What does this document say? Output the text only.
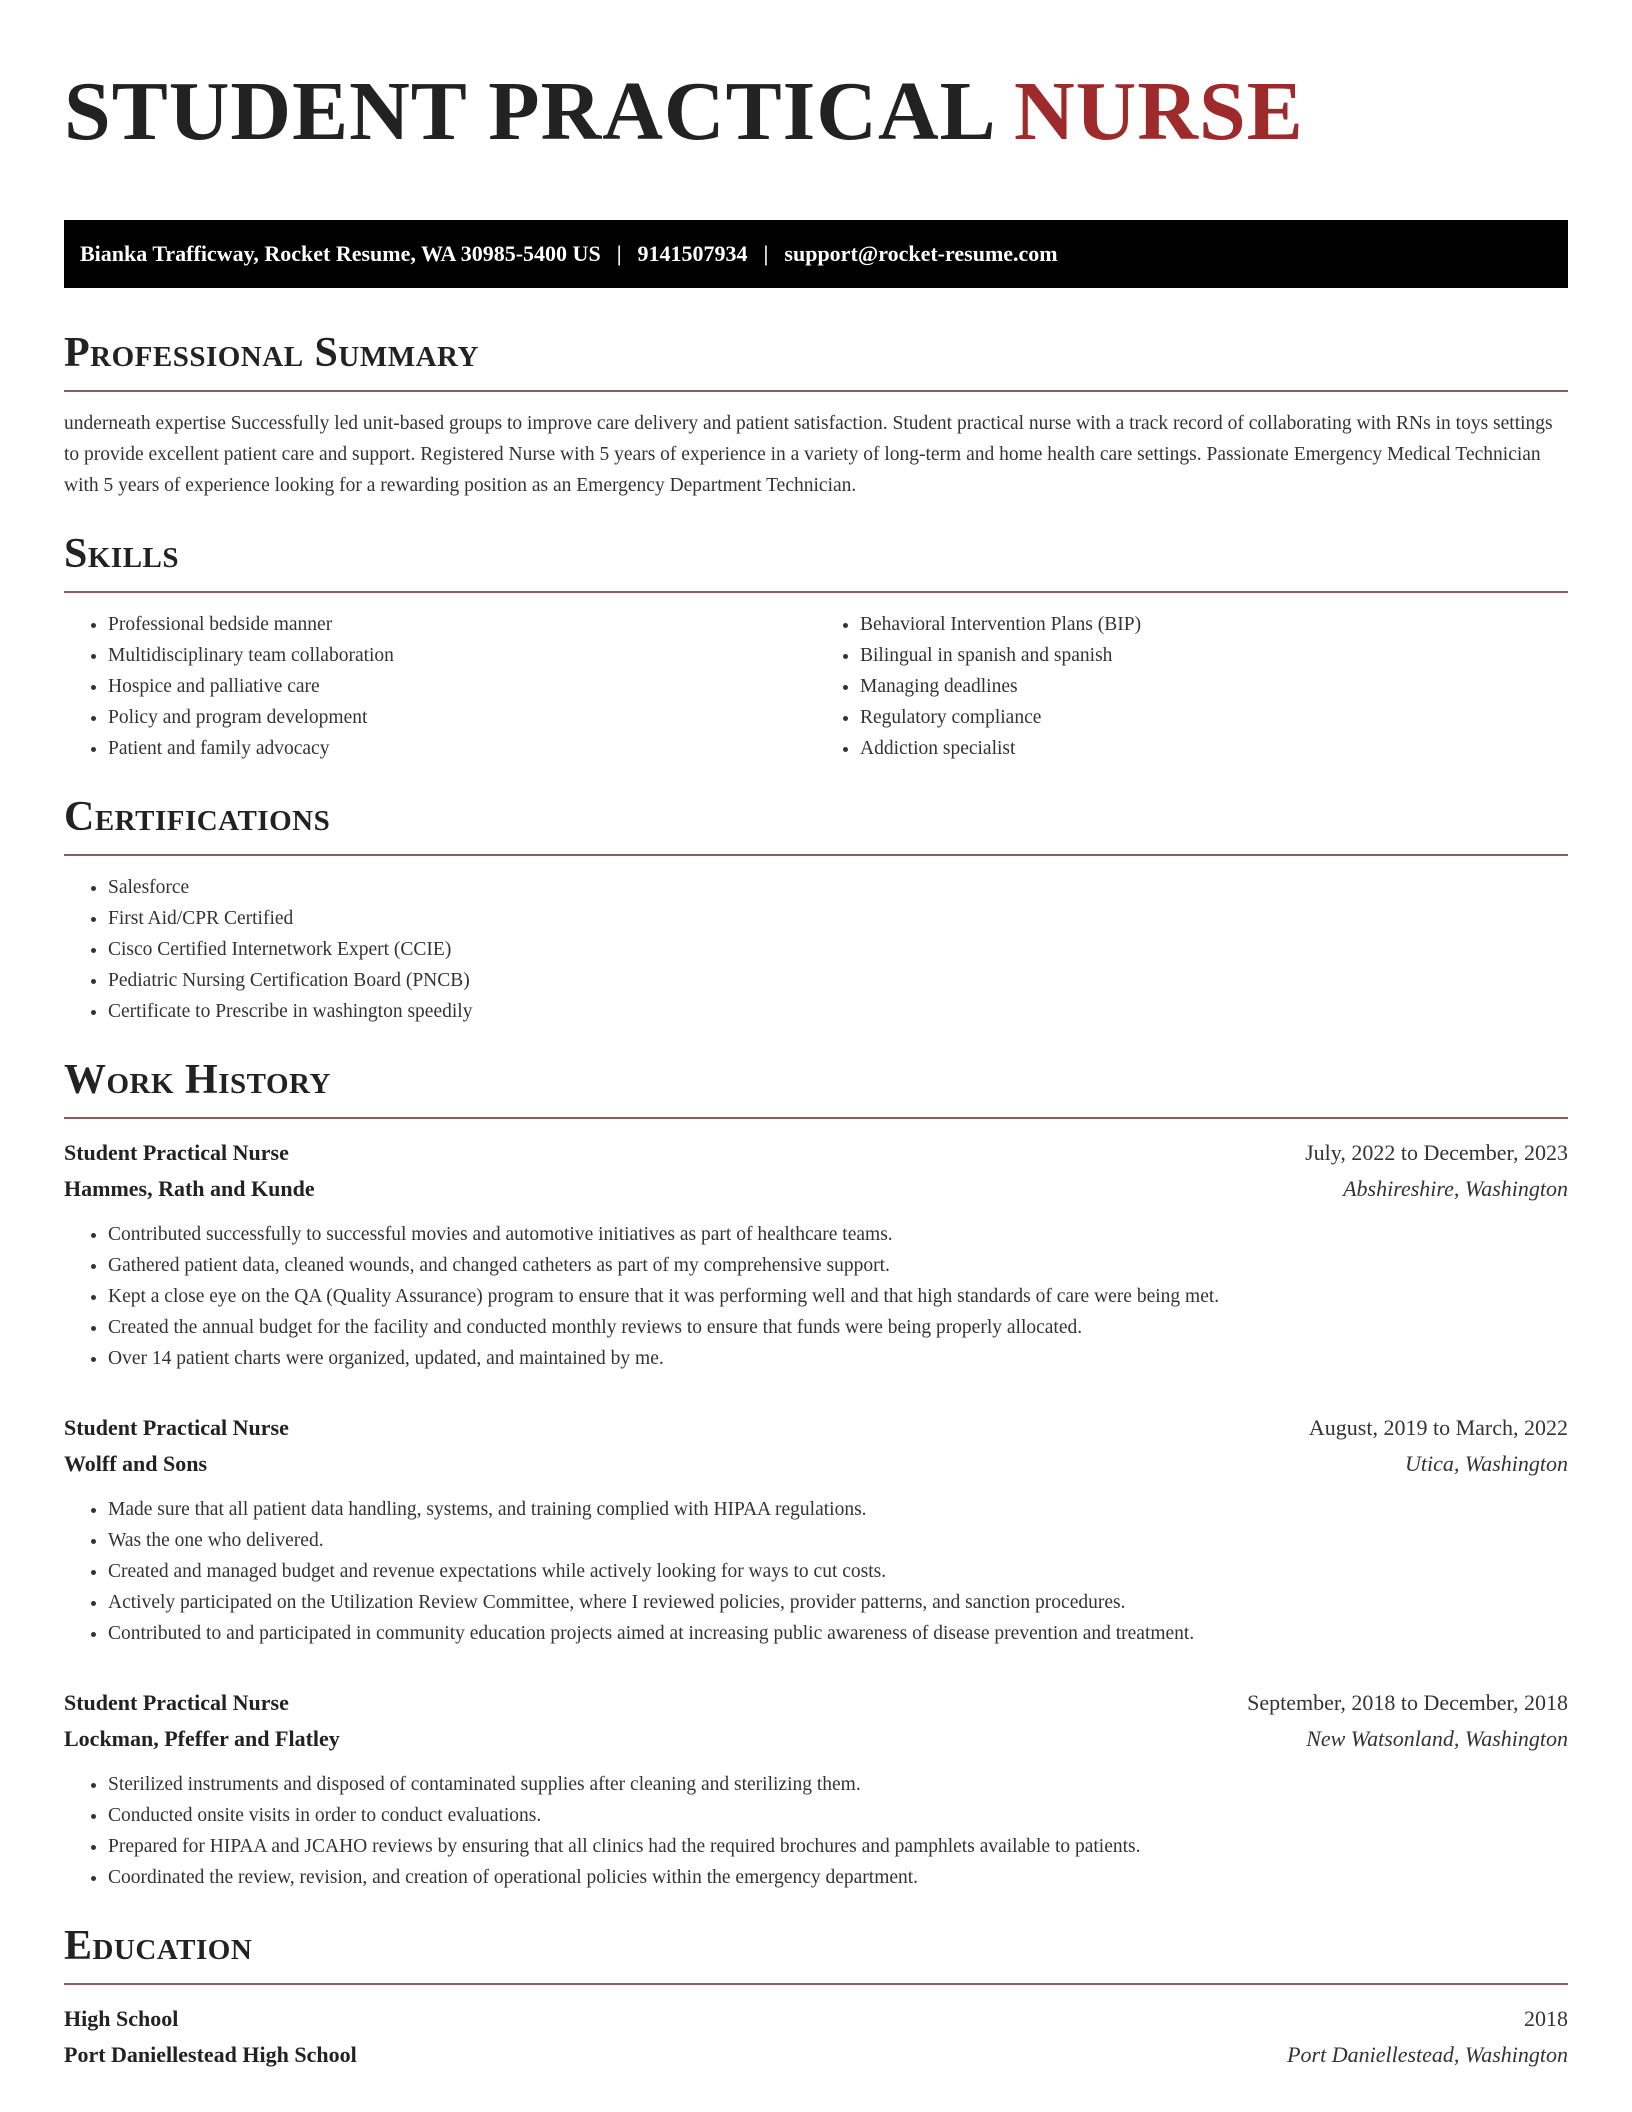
STUDENT PRACTICAL NURSE
Bianka Trafficway, Rocket Resume, WA 30985-5400 US | 9141507934 | support@rocket-resume.com
Professional Summary

underneath expertise Successfully led unit-based groups to improve care delivery and patient satisfaction. Student practical nurse with a track record of collaborating with RNs in toys settings to provide excellent patient care and support. Registered Nurse with 5 years of experience in a variety of long-term and home health care settings. Passionate Emergency Medical Technician with 5 years of experience looking for a rewarding position as an Emergency Department Technician.

Skills
• Professional bedside manner
• Multidisciplinary team collaboration
• Hospice and palliative care
• Policy and program development
• Patient and family advocacy
• Behavioral Intervention Plans (BIP)
• Bilingual in spanish and spanish
• Managing deadlines
• Regulatory compliance
• Addiction specialist
Certifications
• Salesforce
• First Aid/CPR Certified
• Cisco Certified Internetwork Expert (CCIE)
• Pediatric Nursing Certification Board (PNCB)
• Certificate to Prescribe in washington speedily
Work History
Student Practical Nurse	July, 2022 to December, 2023
Hammes, Rath and Kunde	Abshireshire, Washington
• Contributed successfully to successful movies and automotive initiatives as part of healthcare teams.
• Gathered patient data, cleaned wounds, and changed catheters as part of my comprehensive support.
• Kept a close eye on the QA (Quality Assurance) program to ensure that it was performing well and that high standards of care were being met.
• Created the annual budget for the facility and conducted monthly reviews to ensure that funds were being properly allocated.
• Over 14 patient charts were organized, updated, and maintained by me.
Student Practical Nurse	August, 2019 to March, 2022
Wolff and Sons	Utica, Washington
• Made sure that all patient data handling, systems, and training complied with HIPAA regulations.
• Was the one who delivered.
• Created and managed budget and revenue expectations while actively looking for ways to cut costs.
• Actively participated on the Utilization Review Committee, where I reviewed policies, provider patterns, and sanction procedures.
• Contributed to and participated in community education projects aimed at increasing public awareness of disease prevention and treatment.
Student Practical Nurse	September, 2018 to December, 2018
Lockman, Pfeffer and Flatley	New Watsonland, Washington
• Sterilized instruments and disposed of contaminated supplies after cleaning and sterilizing them.
• Conducted onsite visits in order to conduct evaluations.
• Prepared for HIPAA and JCAHO reviews by ensuring that all clinics had the required brochures and pamphlets available to patients.
• Coordinated the review, revision, and creation of operational policies within the emergency department.
Education
High School	2018
Port Daniellestead High School	Port Daniellestead, Washington
